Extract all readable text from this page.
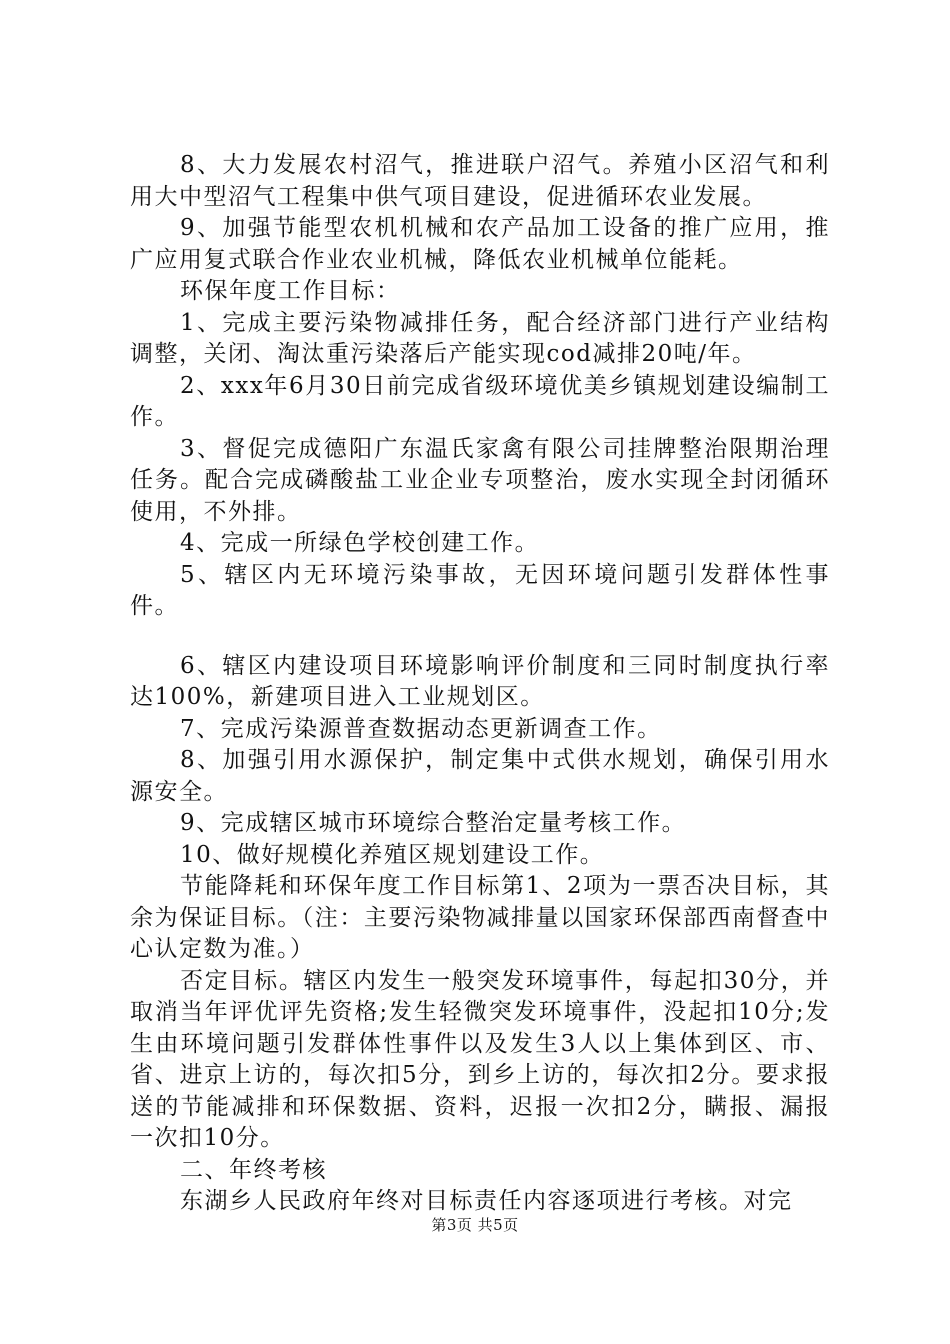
8、大力发展农村沼气，推进联户沼气。养殖小区沼气和利用大中型沼气工程集中供气项目建设，促进循环农业发展。

9、加强节能型农机机械和农产品加工设备的推广应用，推广应用复式联合作业农业机械，降低农业机械单位能耗。

环保年度工作目标：

1、完成主要污染物减排任务，配合经济部门进行产业结构调整，关闭、淘汰重污染落后产能实现cod减排20吨/年。

2、xxx年6月30日前完成省级环境优美乡镇规划建设编制工作。

3、督促完成德阳广东温氏家禽有限公司挂牌整治限期治理任务。配合完成磷酸盐工业企业专项整治，废水实现全封闭循环使用，不外排。

4、完成一所绿色学校创建工作。

5、辖区内无环境污染事故，无因环境问题引发群体性事件。

6、辖区内建设项目环境影响评价制度和三同时制度执行率达100%，新建项目进入工业规划区。

7、完成污染源普查数据动态更新调查工作。

8、加强引用水源保护，制定集中式供水规划，确保引用水源安全。

9、完成辖区城市环境综合整治定量考核工作。

10、做好规模化养殖区规划建设工作。

节能降耗和环保年度工作目标第1、2项为一票否决目标，其余为保证目标。（注：主要污染物减排量以国家环保部西南督查中心认定数为准。）

否定目标。辖区内发生一般突发环境事件，每起扣30分，并取消当年评优评先资格;发生轻微突发环境事件，没起扣10分;发生由环境问题引发群体性事件以及发生3人以上集体到区、市、省、进京上访的，每次扣5分，到乡上访的，每次扣2分。要求报送的节能减排和环保数据、资料，迟报一次扣2分，瞒报、漏报一次扣10分。

二、年终考核

东湖乡人民政府年终对目标责任内容逐项进行考核。对完

第3页 共5页
